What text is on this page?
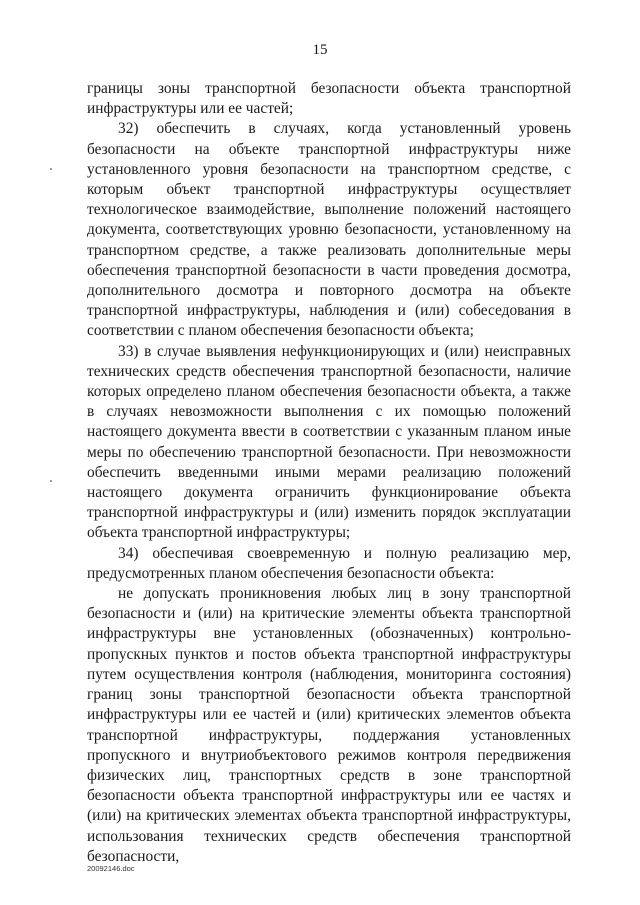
15

границы зоны транспортной безопасности объекта транспортной инфраструктуры или ее частей;

32) обеспечить в случаях, когда установленный уровень безопасности на объекте транспортной инфраструктуры ниже установленного уровня безопасности на транспортном средстве, с которым объект транспортной инфраструктуры осуществляет технологическое взаимодействие, выполнение положений настоящего документа, соответствующих уровню безопасности, установленному на транспортном средстве, а также реализовать дополнительные меры обеспечения транспортной безопасности в части проведения досмотра, дополнительного досмотра и повторного досмотра на объекте транспортной инфраструктуры, наблюдения и (или) собеседования в соответствии с планом обеспечения безопасности объекта;

33) в случае выявления нефункционирующих и (или) неисправных технических средств обеспечения транспортной безопасности, наличие которых определено планом обеспечения безопасности объекта, а также в случаях невозможности выполнения с их помощью положений настоящего документа ввести в соответствии с указанным планом иные меры по обеспечению транспортной безопасности. При невозможности обеспечить введенными иными мерами реализацию положений настоящего документа ограничить функционирование объекта транспортной инфраструктуры и (или) изменить порядок эксплуатации объекта транспортной инфраструктуры;

34) обеспечивая своевременную и полную реализацию мер, предусмотренных планом обеспечения безопасности объекта:

не допускать проникновения любых лиц в зону транспортной безопасности и (или) на критические элементы объекта транспортной инфраструктуры вне установленных (обозначенных) контрольно-пропускных пунктов и постов объекта транспортной инфраструктуры путем осуществления контроля (наблюдения, мониторинга состояния) границ зоны транспортной безопасности объекта транспортной инфраструктуры или ее частей и (или) критических элементов объекта транспортной инфраструктуры, поддержания установленных пропускного и внутриобъектового режимов контроля передвижения физических лиц, транспортных средств в зоне транспортной безопасности объекта транспортной инфраструктуры или ее частях и (или) на критических элементах объекта транспортной инфраструктуры, использования технических средств обеспечения транспортной безопасности,

20092146.doc
